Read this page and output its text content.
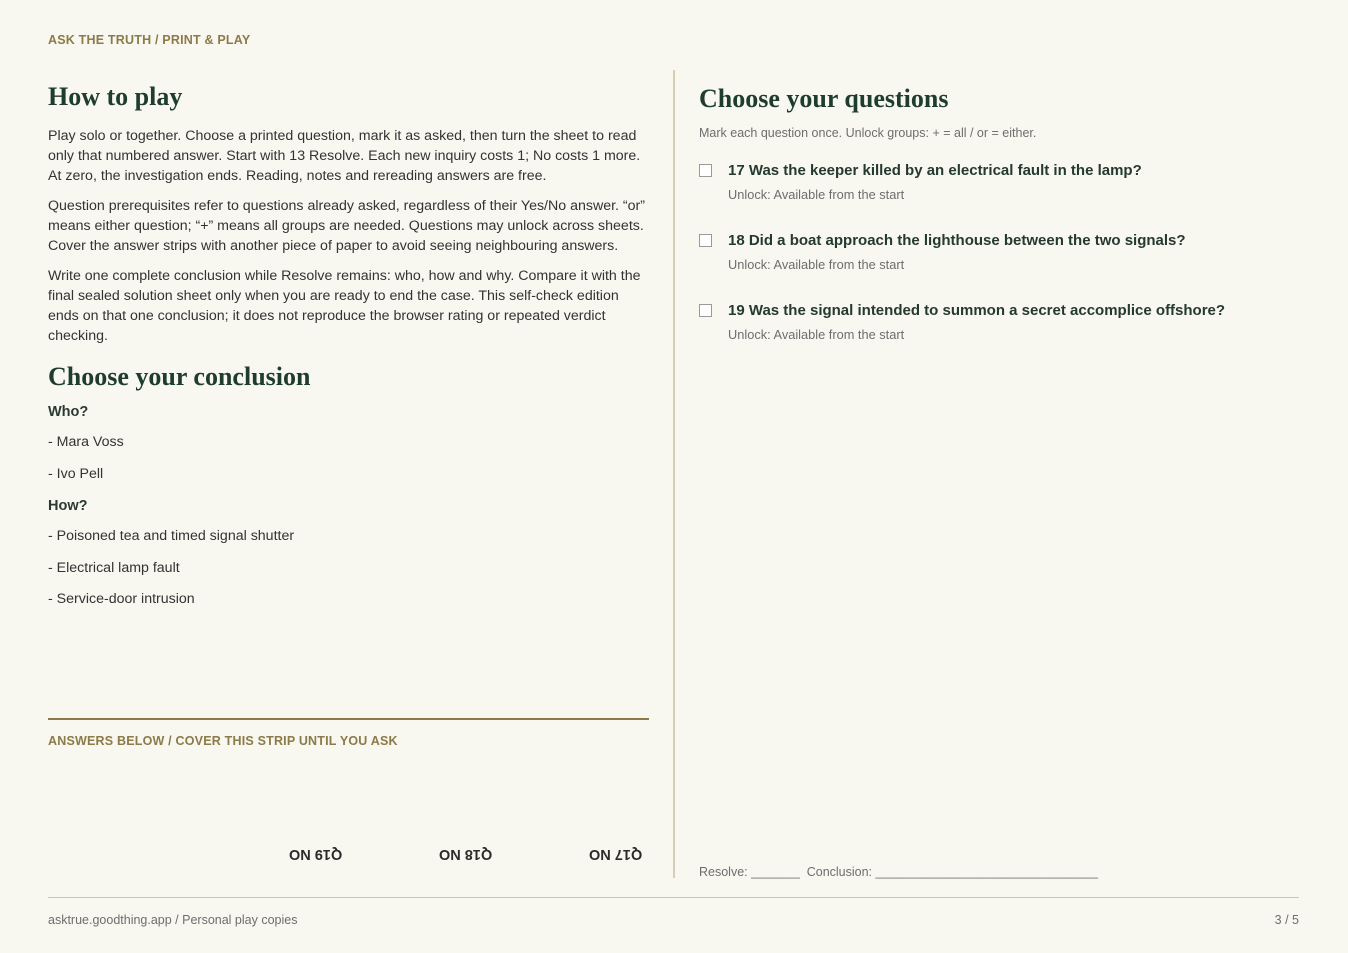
ASK THE TRUTH / PRINT & PLAY
How to play

Play solo or together. Choose a printed question, mark it as asked, then turn the sheet to read only that numbered answer. Start with 13 Resolve. Each new inquiry costs 1; No costs 1 more. At zero, the investigation ends. Reading, notes and rereading answers are free.

Question prerequisites refer to questions already asked, regardless of their Yes/No answer. “or” means either question; “+” means all groups are needed. Questions may unlock across sheets. Cover the answer strips with another piece of paper to avoid seeing neighbouring answers.

Write one complete conclusion while Resolve remains: who, how and why. Compare it with the final sealed solution sheet only when you are ready to end the case. This self-check edition ends on that one conclusion; it does not reproduce the browser rating or repeated verdict checking.

Choose your conclusion
Who?
- Mara Voss
- Ivo Pell
How?
- Poisoned tea and timed signal shutter
- Electrical lamp fault
- Service-door intrusion
ANSWERS BELOW / COVER THIS STRIP UNTIL YOU ASK
Q19 NO	Q18 NO	Q17 NO
Choose your questions
Mark each question once. Unlock groups: + = all / or = either.
17 Was the keeper killed by an electrical fault in the lamp?
Unlock: Available from the start
18 Did a boat approach the lighthouse between the two signals?
Unlock: Available from the start
19 Was the signal intended to summon a secret accomplice offshore?
Unlock: Available from the start
Resolve: _______  Conclusion: ________________________________
asktrue.goodthing.app / Personal play copies	3 / 5
